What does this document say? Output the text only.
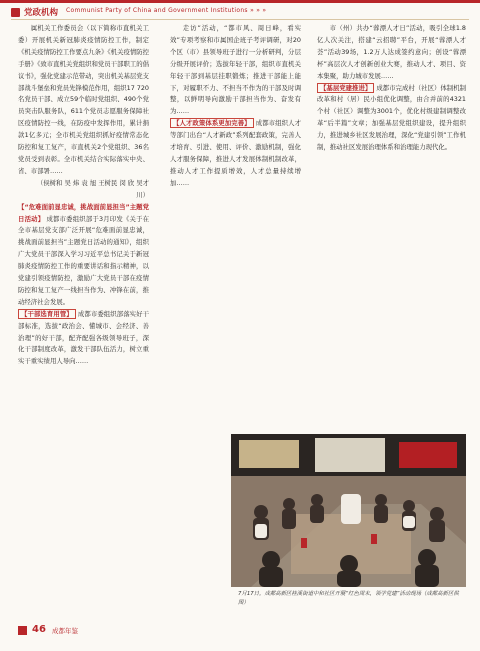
党政机构 Communist Party of China and Government Institutions » » »

属机关工作委员会（以下简称市直机关工委）开展机关新冠肺炎疫情防控工作，制定《机关疫情防控工作要点九条》《机关疫情防控手册》《致市直机关党组织和党员干部职工的倡议书》，强化党建示范带动，突出机关基层党支部战斗堡垒和党员先锋模范作用，组织17 720名党员干部、成立59个临时党组织、490个党员突击队服务队，611个党员志愿服务保障社区疫情防控一线，在防疫中发挥作用，累计捐款1亿多元；全市机关党组织抓好疫情常态化防控和复工复产，市直机关2个党组织、36名党员受到表彰。全市机关结合实际落实中央、省、市部署……

（侯树和 吴 炜 袁 旭 王树民 闵 欣 吴才川）

【“危难面前显忠诚，挑战面前显担当”主题党日活动】 成都市委组织部于3月印发《关于在全市基层党支部广泛开展“危难面前显忠诚，挑战面前显担当”主题党日活动的通知》，组织广大党员干部深入学习习近平总书记关于新冠肺炎疫情防控工作的重要讲话和指示精神，以党建引领疫情防控，激励广大党员干部在疫情防控和复工复产一线担当作为、冲锋在前，推动经济社会发展。

【干部选育用管】 成都市委组织部落实好干部标准，选拔“政治会、懂城市、会经济、善治理”的好干部，配齐配强各级领导班子，深化干部制度改革，激发干部队伍活力，树立重实干重实绩用人导向……

走访”活动，“都市风、周日峰，看实效”专项考察和市属国企班子考评调研，对20个区（市）县领导班子进行一分析研判，分层分级开展评价；选拔年轻干部，组织市直机关年轻干部到基层挂职锻炼；推进干部能上能下，对履职不力、不担当不作为的干部及时调整，以鲜明导向激励干部担当作为、奋发有为……

【人才政策体系更加完善】 成都市组织人才等部门出台“人才新政”系列配套政策，完善人才培育、引进、使用、评价、激励机制，强化人才服务保障，推进人才发展体制机制改革，推动人才工作提质增效，人才总量持续增加……

市（州）共办“蓉漂人才日”活动，吸引全球1.8亿人次关注，搭建“云招聘”平台，开展“蓉漂人才荟”活动39场，1.2万人达成签约意向；创设“蓉漂杯”高层次人才创新创业大赛，推动人才、项目、资本集聚，助力城市发展……

【基层党建推进】 成都市完成村（社区）体制机制改革和村（居）民小组优化调整，由合并前的4321个村（社区）调整为3001个，优化村级建制调整改革“后半篇”文章；加强基层党组织建设，提升组织力，推进城乡社区发展治理，深化“党建引领”工作机制，推动社区发展治理体系和治理能力现代化。

7月17日，成都高新区桂溪街道中和社区开展“红色周末，领学党建”活动现场（成都高新区供图）
46 成都年鉴
